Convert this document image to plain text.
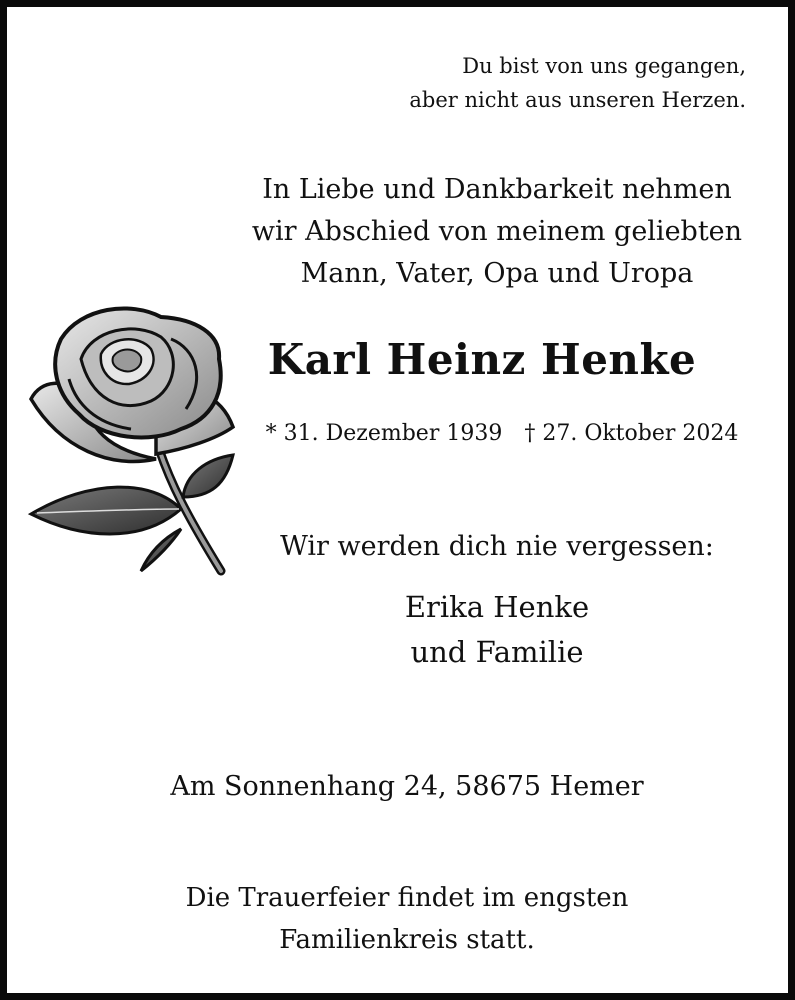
Du bist von uns gegangen,
aber nicht aus unseren Herzen.
In Liebe und Dankbarkeit nehmen
wir Abschied von meinem geliebten
Mann, Vater, Opa und Uropa
Karl Heinz Henke
* 31. Dezember 1939 † 27. Oktober 2024
Wir werden dich nie vergessen:
Erika Henke
und Familie
Am Sonnenhang 24, 58675 Hemer
Die Trauerfeier findet im engsten
Familienkreis statt.
